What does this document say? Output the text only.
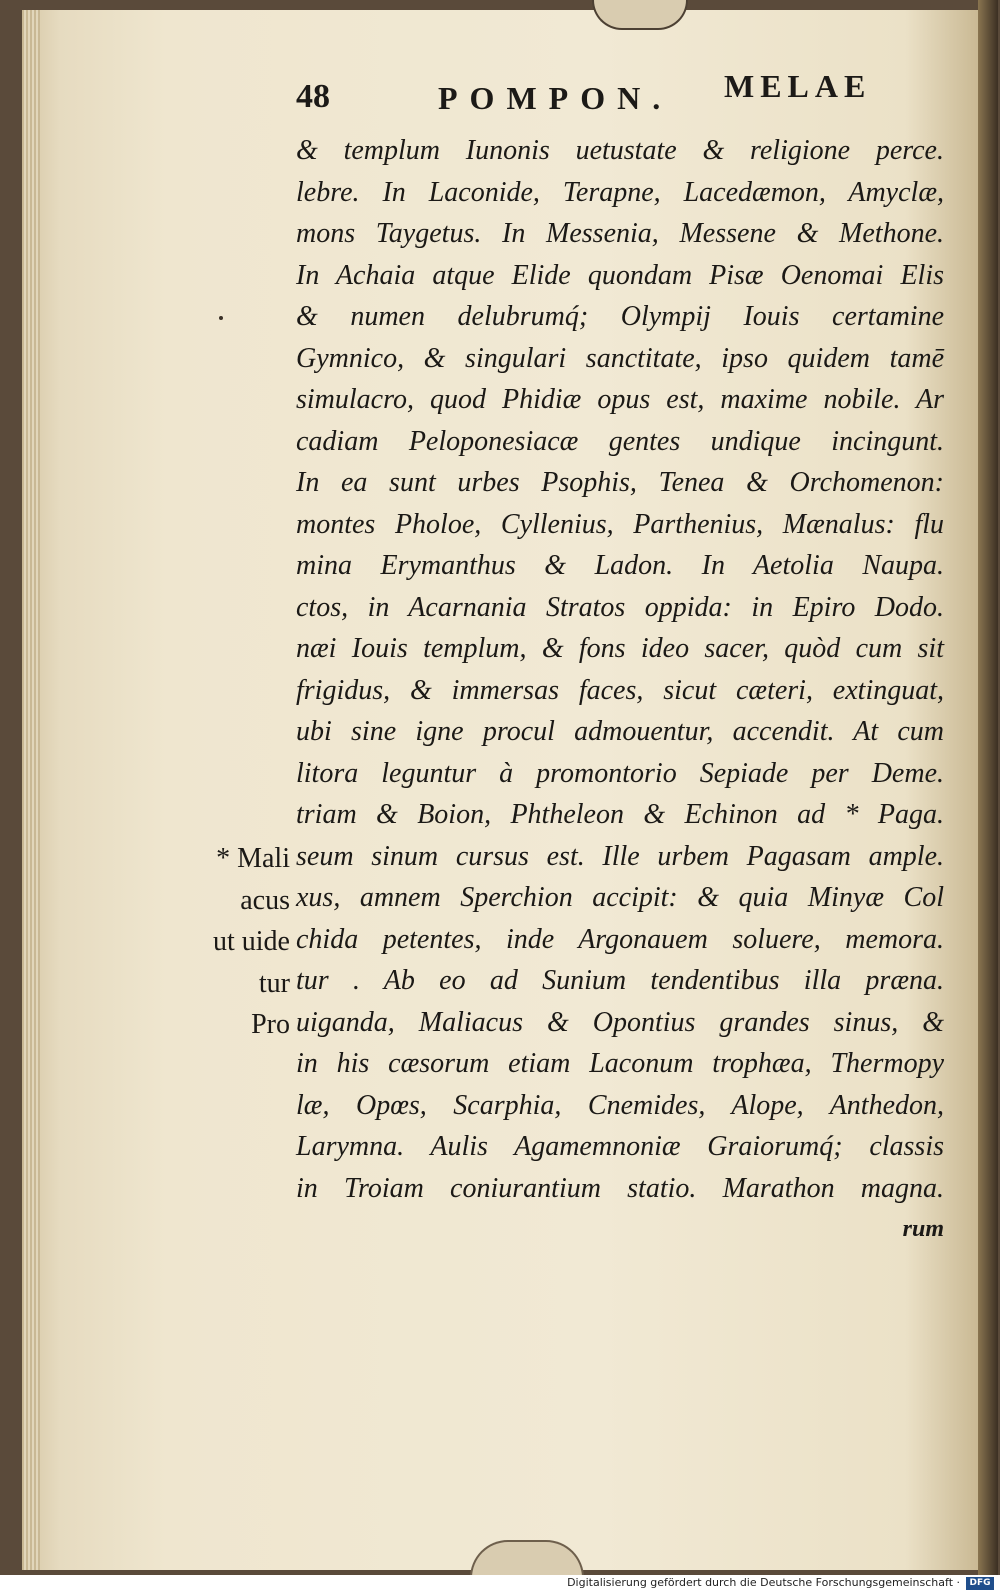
48	POMPON. MELAE
& templum Iunonis uetustate & religione perce.
lebre. In Laconide, Terapne, Lacedæmon, Amyclæ,
mons Taygetus. In Messenia, Messene & Methone.
In Achaia atque Elide quondam Pisæ Oenomai Elis
& numen delubrumq́; Olympij Iouis certamine
Gymnico, & singulari sanctitate, ipso quidem tamē
simulacro, quod Phidiæ opus est, maxime nobile. Ar
cadiam Peloponesiacæ gentes undique incingunt.
In ea sunt urbes Psophis, Tenea & Orchomenon:
montes Pholoe, Cyllenius, Parthenius, Mænalus: flu
mina Erymanthus & Ladon. In Aetolia Naupa.
ctos, in Acarnania Stratos oppida: in Epiro Dodo.
næi Iouis templum, & fons ideo sacer, quòd cum sit
frigidus, & immersas faces, sicut cæteri, extinguat,
ubi sine igne procul admouentur, accendit. At cum
litora leguntur à promontorio Sepiade per Deme.
triam & Boion, Phtheleon & Echinon ad * Paga.
seum sinum cursus est. Ille urbem Pagasam ample.
xus, amnem Sperchion accipit: & quia Minyæ Col
chida petentes, inde Argonauem soluere, memora.
tur . Ab eo ad Sunium tendentibus illa præna.
uiganda, Maliacus & Opontius grandes sinus, &
in his cæsorum etiam Laconum trophæa, Thermopy
læ, Opœs, Scarphia, Cnemides, Alope, Anthedon,
Larymna. Aulis Agamemnoniæ Graiorumq́; classis
in Troiam coniurantium statio. Marathon magna.
rum
* Mali
acus
ut uide
tur
Pro
Digitalisierung gefördert durch die Deutsche Forschungsgemeinschaft ·	DFG
